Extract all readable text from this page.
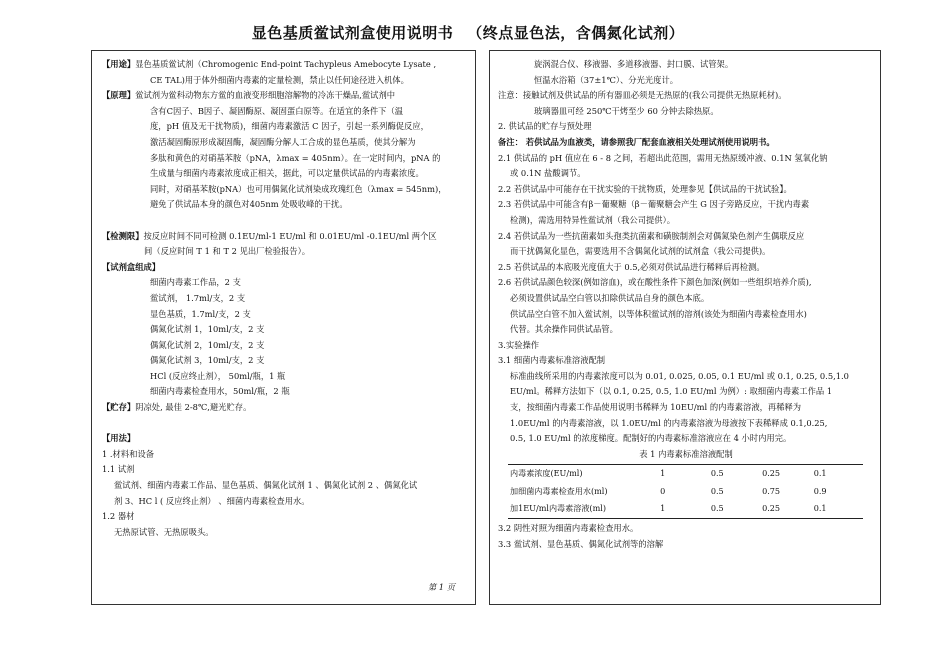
显色基质鲎试剂盒使用说明书 （终点显色法，含偶氮化试剂）

【用途】显色基质鲎试剂（Chromogenic End-point Tachypleus Amebocyte Lysate ,

CE TAL)用于体外细菌内毒素的定量检测，禁止以任何途径进入机体。

【原理】鲎试剂为鲎科动物东方鲎的血液变形细胞溶解物的冷冻干燥品,鲎试剂中

含有C因子、B因子、凝固酶原、凝固蛋白原等。在适宜的条件下（温

度，pH 值及无干扰物质)，细菌内毒素激活 C 因子，引起一系列酶促反应，

激活凝固酶原形成凝固酶，凝固酶分解人工合成的显色基质，使其分解为

多肽和黄色的对硝基苯胺（pNA，λmax = 405nm）。在一定时间内，pNA 的

生成量与细菌内毒素浓度成正相关，据此，可以定量供试品的内毒素浓度。

同时，对硝基苯胺(pNA）也可用偶氮化试剂染成玫瑰红色（λmax = 545nm)，

避免了供试品本身的颜色对405nm 处吸收峰的干扰。

【检测限】按反应时间不同可检测 0.1EU/ml-1 EU/ml 和 0.01EU/ml -0.1EU/ml 两个区

间（反应时间 T 1 和 T 2 见出厂检验报告）。

【试剂盒组成】

细菌内毒素工作品，2 支

鲎试剂， 1.7ml/支，2 支

显色基质，1.7ml/支，2 支

偶氮化试剂 1，10ml/支，2 支

偶氮化试剂 2，10ml/支，2 支

偶氮化试剂 3，10ml/支，2 支

HCl (反应终止剂）， 50ml/瓶，1 瓶

细菌内毒素检查用水，50ml/瓶，2 瓶

【贮存】阴凉处, 最佳 2-8℃,避光贮存。

【用法】

1 .材料和设备

1.1 试剂

鲎试剂、细菌内毒素工作品、显色基质、偶氮化试剂 1 、偶氮化试剂 2 、偶氮化试

剂 3、HC l ( 反应终止剂） 、细菌内毒素检查用水。

1.2 器材

无热原试管、无热原吸头。

第 1 页

旋涡混合仪、移液器、多道移液器、封口膜、试管架。

恒温水浴箱（37±1℃）、分光光度计。

注意：接触试剂及供试品的所有器皿必须是无热原的(我公司提供无热原耗材)。

玻璃器皿可经 250℃干烤至少 60 分钟去除热原。

2. 供试品的贮存与预处理

备注： 若供试品为血液类，请参照我厂配套血液相关处理试剂使用说明书。

2.1 供试品的 pH 值应在 6 - 8 之间，若超出此范围，需用无热原缓冲液、0.1N 氢氧化钠

或 0.1N 盐酸调节。

2.2 若供试品中可能存在干扰实验的干扰物质，处理参见【供试品的干扰试验】。

2.3 若供试品中可能含有β－葡聚糖（β－葡聚糖会产生 G 因子旁路反应，干扰内毒素

检测)，需选用特异性鲎试剂（我公司提供）。

2.4 若供试品为一些抗菌素如头孢类抗菌素和磺胺制剂会对偶氮染色剂产生偶联反应

而干扰偶氮化显色，需要选用不含偶氮化试剂的试剂盒（我公司提供)。

2.5 若供试品的本底吸光度值大于 0.5,必须对供试品进行稀释后再检测。

2.6 若供试品颜色较深(例如溶血)，或在酸性条件下颜色加深(例如一些组织培养介质),

必须设置供试品空白管以扣除供试品自身的颜色本底。

供试品空白管不加入鲎试剂，以等体积鲎试剂的溶剂(该处为细菌内毒素检查用水)

代替。其余操作同供试品管。

3.实验操作

3.1 细菌内毒素标准溶液配制

标准曲线所采用的内毒素浓度可以为 0.01, 0.025, 0.05, 0.1 EU/ml 或 0.1, 0.25, 0.5,1.0

EU/ml。稀释方法如下（以 0.1, 0.25, 0.5, 1.0 EU/ml 为例）: 取细菌内毒素工作品 1

支，按细菌内毒素工作品使用说明书稀释为 10EU/ml 的内毒素溶液，再稀释为

1.0EU/ml 的内毒素溶液，以 1.0EU/ml 的内毒素溶液为母液按下表稀释成 0.1,0.25,

0.5, 1.0 EU/ml 的浓度梯度。配制好的内毒素标准溶液应在 4 小时内用完。

表 1 内毒素标准溶液配制

内毒素浓度(EU/ml)	1	0.5	0.25	0.1
加细菌内毒素检查用水(ml)	0	0.5	0.75	0.9
加1EU/ml内毒素溶液(ml)	1	0.5	0.25	0.1

3.2 阴性对照为细菌内毒素检查用水。

3.3 鲎试剂、显色基质、偶氮化试剂等的溶解
